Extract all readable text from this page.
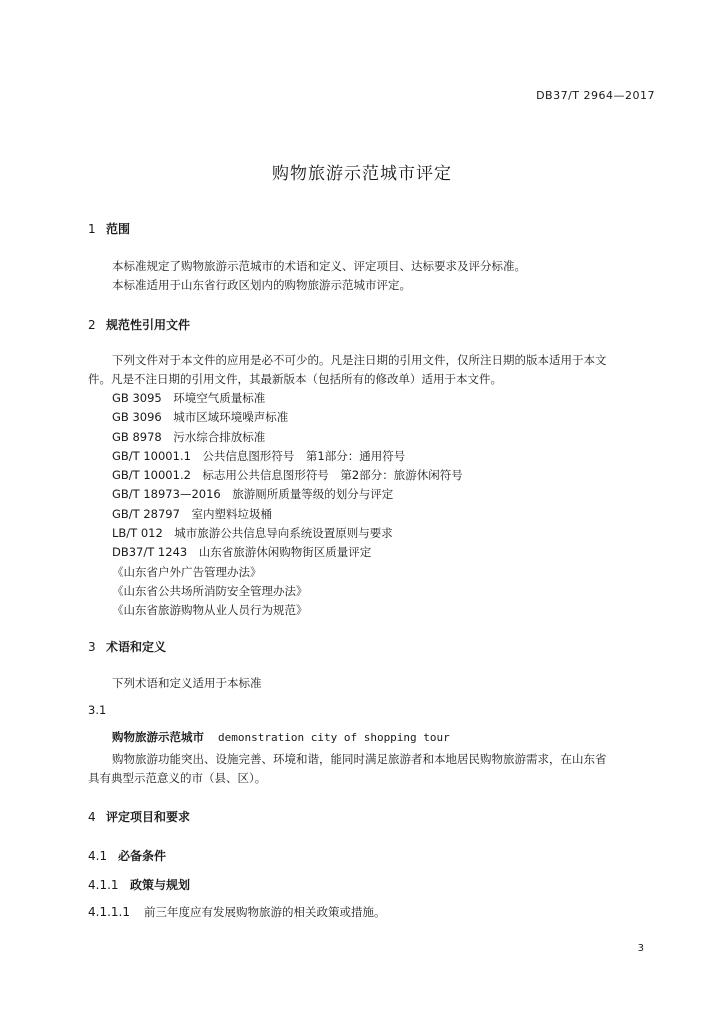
DB37/T 2964—2017
购物旅游示范城市评定
1 范围
本标准规定了购物旅游示范城市的术语和定义、评定项目、达标要求及评分标准。
本标准适用于山东省行政区划内的购物旅游示范城市评定。
2 规范性引用文件
下列文件对于本文件的应用是必不可少的。凡是注日期的引用文件，仅所注日期的版本适用于本文
件。凡是不注日期的引用文件，其最新版本（包括所有的修改单）适用于本文件。
GB 3095　环境空气质量标准
GB 3096　城市区域环境噪声标准
GB 8978　污水综合排放标准
GB/T 10001.1　公共信息图形符号　第1部分：通用符号
GB/T 10001.2　标志用公共信息图形符号　第2部分：旅游休闲符号
GB/T 18973—2016　旅游厕所质量等级的划分与评定
GB/T 28797　室内塑料垃圾桶
LB/T 012　城市旅游公共信息导向系统设置原则与要求
DB37/T 1243　山东省旅游休闲购物街区质量评定
《山东省户外广告管理办法》
《山东省公共场所消防安全管理办法》
《山东省旅游购物从业人员行为规范》
3 术语和定义
下列术语和定义适用于本标准
3.1
购物旅游示范城市 demonstration city of shopping tour
购物旅游功能突出、设施完善、环境和谐，能同时满足旅游者和本地居民购物旅游需求，在山东省
具有典型示范意义的市（县、区）。
4 评定项目和要求
4.1 必备条件
4.1.1 政策与规划
4.1.1.1 前三年度应有发展购物旅游的相关政策或措施。
3
